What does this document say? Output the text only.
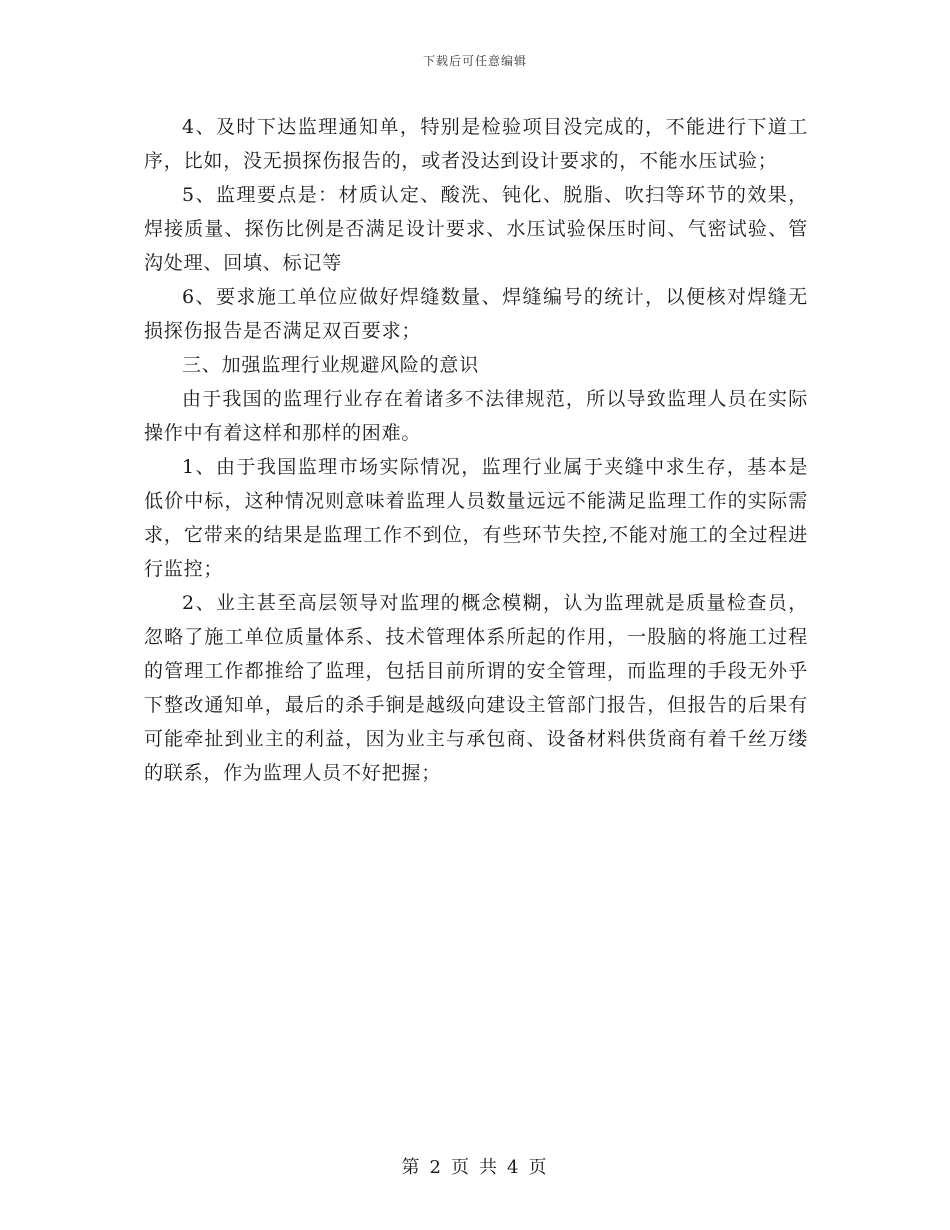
下载后可任意编辑

4、及时下达监理通知单，特别是检验项目没完成的，不能进行下道工序，比如，没无损探伤报告的，或者没达到设计要求的，不能水压试验；

5、监理要点是：材质认定、酸洗、钝化、脱脂、吹扫等环节的效果，焊接质量、探伤比例是否满足设计要求、水压试验保压时间、气密试验、管沟处理、回填、标记等

6、要求施工单位应做好焊缝数量、焊缝编号的统计，以便核对焊缝无损探伤报告是否满足双百要求；

三、加强监理行业规避风险的意识

由于我国的监理行业存在着诸多不法律规范，所以导致监理人员在实际操作中有着这样和那样的困难。

1、由于我国监理市场实际情况，监理行业属于夹缝中求生存，基本是低价中标，这种情况则意味着监理人员数量远远不能满足监理工作的实际需求，它带来的结果是监理工作不到位，有些环节失控,不能对施工的全过程进行监控；

2、业主甚至高层领导对监理的概念模糊，认为监理就是质量检查员，忽略了施工单位质量体系、技术管理体系所起的作用，一股脑的将施工过程的管理工作都推给了监理，包括目前所谓的安全管理，而监理的手段无外乎下整改通知单，最后的杀手锏是越级向建设主管部门报告，但报告的后果有可能牵扯到业主的利益，因为业主与承包商、设备材料供货商有着千丝万缕的联系，作为监理人员不好把握；

第 2 页 共 4 页
